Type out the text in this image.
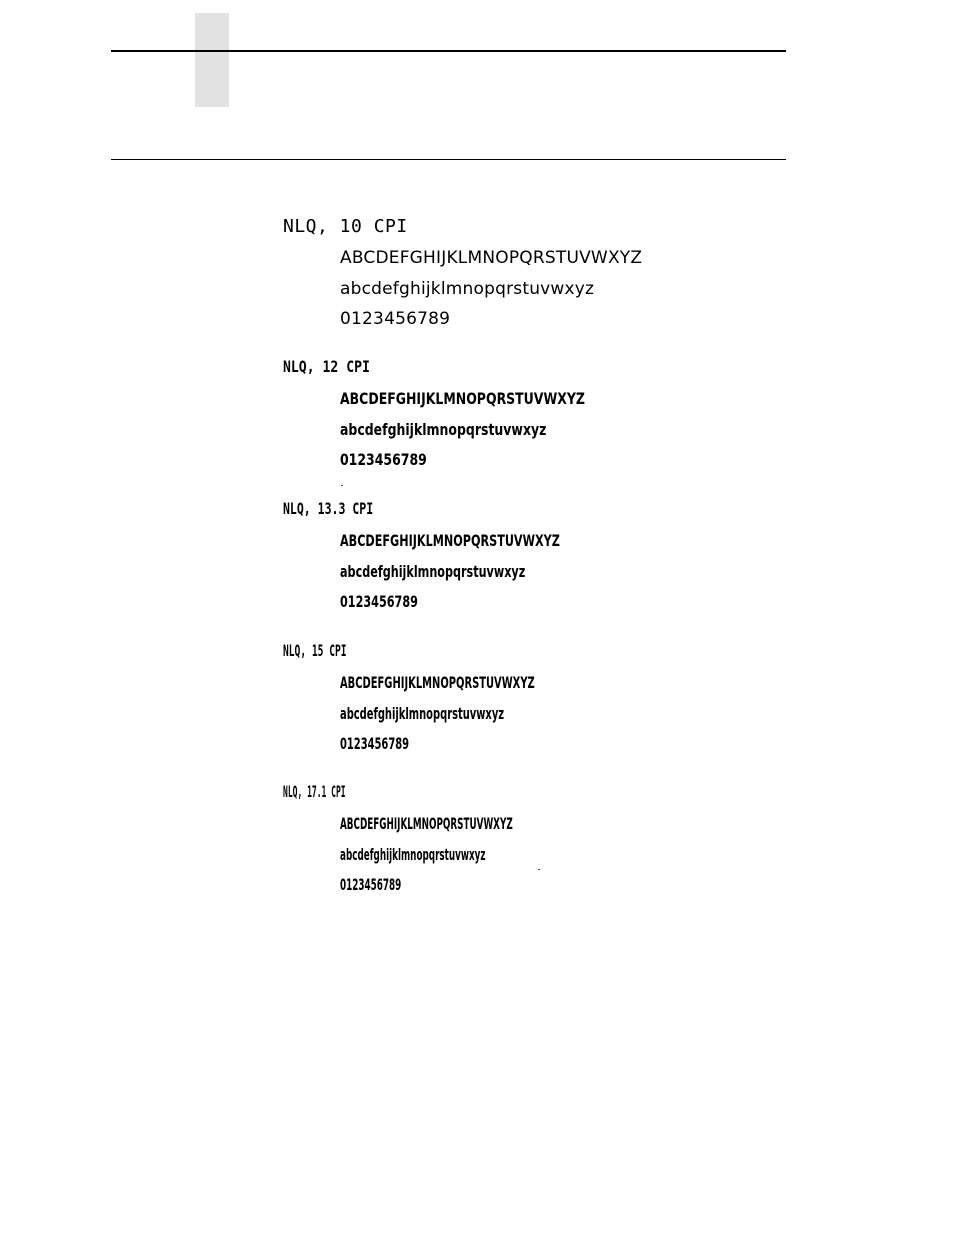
NLQ, 10 CPI
ABCDEFGHIJKLMNOPQRSTUVWXYZ
abcdefghijklmnopqrstuvwxyz
0123456789
NLQ, 12 CPI
ABCDEFGHIJKLMNOPQRSTUVWXYZ
abcdefghijklmnopqrstuvwxyz
0123456789
NLQ, 13.3 CPI
ABCDEFGHIJKLMNOPQRSTUVWXYZ
abcdefghijklmnopqrstuvwxyz
0123456789
NLQ, 15 CPI
ABCDEFGHIJKLMNOPQRSTUVWXYZ
abcdefghijklmnopqrstuvwxyz
0123456789
NLQ, 17.1 CPI
ABCDEFGHIJKLMNOPQRSTUVWXYZ
abcdefghijklmnopqrstuvwxyz
0123456789
